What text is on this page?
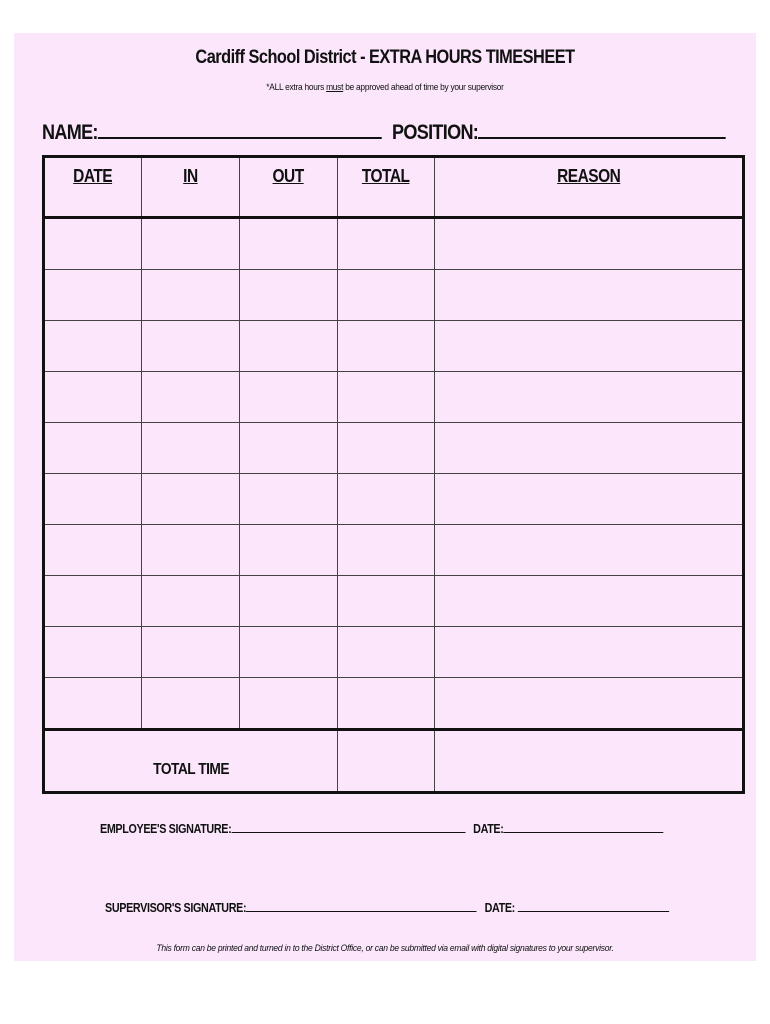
Cardiff School District - EXTRA HOURS TIMESHEET
*ALL extra hours must be approved ahead of time by your supervisor
NAME:	POSITION:
DATE	IN	OUT	TOTAL	REASON

TOTAL TIME				
EMPLOYEE'S SIGNATURE:	DATE:
SUPERVISOR'S SIGNATURE:	DATE:
This form can be printed and turned in to the District Office, or can be submitted via email with digital signatures to your supervisor.
